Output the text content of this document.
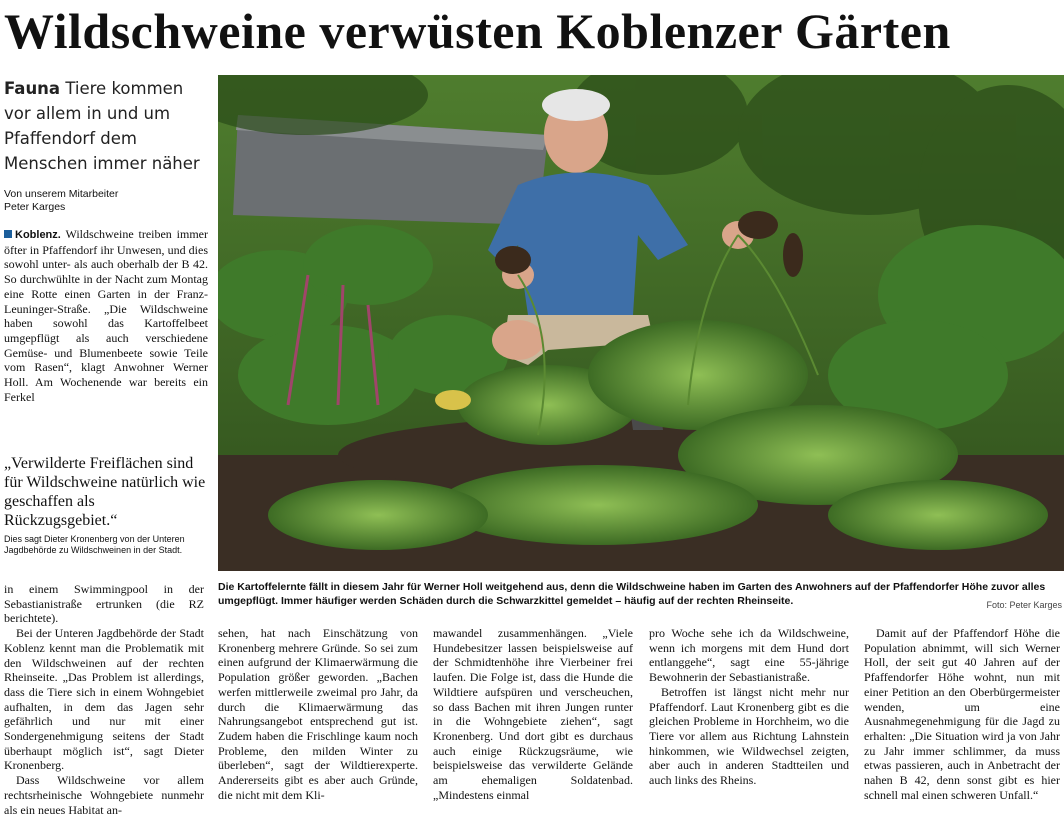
Wildschweine verwüsten Koblenzer Gärten
Fauna Tiere kommen vor allem in und um Pfaffendorf dem Menschen immer näher
Von unserem Mitarbeiter
Peter Karges
Koblenz. Wildschweine treiben immer öfter in Pfaffendorf ihr Unwesen, und dies sowohl unter- als auch oberhalb der B 42. So durchwühlte in der Nacht zum Montag eine Rotte einen Garten in der Franz-Leuninger-Straße. „Die Wildschweine haben sowohl das Kartoffelbeet umgepflügt als auch verschiedene Gemüse- und Blumenbeete sowie Teile vom Rasen“, klagt Anwohner Werner Holl. Am Wochenende war bereits ein Ferkel
„Verwilderte Freiflächen sind für Wildschweine natürlich wie geschaffen als Rückzugsgebiet.“
Dies sagt Dieter Kronenberg von der Unteren Jagdbehörde zu Wildschweinen in der Stadt.
Die Kartoffelernte fällt in diesem Jahr für Werner Holl weitgehend aus, denn die Wildschweine haben im Garten des Anwohners auf der Pfaffendorfer Höhe zuvor alles umgepflügt. Immer häufiger werden Schäden durch die Schwarzkittel gemeldet – häufig auf der rechten Rheinseite.	Foto: Peter Karges

in einem Swimmingpool in der Sebastianistraße ertrunken (die RZ berichtete).

Bei der Unteren Jagdbehörde der Stadt Koblenz kennt man die Problematik mit den Wildschweinen auf der rechten Rheinseite. „Das Problem ist allerdings, dass die Tiere sich in einem Wohngebiet aufhalten, in dem das Jagen sehr gefährlich und nur mit einer Sondergenehmigung seitens der Stadt überhaupt möglich ist“, sagt Dieter Kronenberg.

Dass Wildschweine vor allem rechtsrheinische Wohngebiete nunmehr als ein neues Habitat an-

sehen, hat nach Einschätzung von Kronenberg mehrere Gründe. So sei zum einen aufgrund der Klimaerwärmung die Population größer geworden. „Bachen werfen mittlerweile zweimal pro Jahr, da durch die Klimaerwärmung das Nahrungsangebot entsprechend gut ist. Zudem haben die Frischlinge kaum noch Probleme, den milden Winter zu überleben“, sagt der Wildtierexperte. Andererseits gibt es aber auch Gründe, die nicht mit dem Kli-

mawandel zusammenhängen. „Viele Hundebesitzer lassen beispielsweise auf der Schmidtenhöhe ihre Vierbeiner frei laufen. Die Folge ist, dass die Hunde die Wildtiere aufspüren und verscheuchen, so dass Bachen mit ihren Jungen runter in die Wohngebiete ziehen“, sagt Kronenberg. Und dort gibt es durchaus auch einige Rückzugsräume, wie beispielsweise das verwilderte Gelände am ehemaligen Soldatenbad. „Mindestens einmal

pro Woche sehe ich da Wildschweine, wenn ich morgens mit dem Hund dort entlanggehe“, sagt eine 55-jährige Bewohnerin der Sebastianistraße.

Betroffen ist längst nicht mehr nur Pfaffendorf. Laut Kronenberg gibt es die gleichen Probleme in Horchheim, wo die Tiere vor allem aus Richtung Lahnstein hinkommen, wie Wildwechsel zeigten, aber auch in anderen Stadtteilen und auch links des Rheins.

Damit auf der Pfaffendorf Höhe die Population abnimmt, will sich Werner Holl, der seit gut 40 Jahren auf der Pfaffendorfer Höhe wohnt, nun mit einer Petition an den Oberbürgermeister wenden, um eine Ausnahmegenehmigung für die Jagd zu erhalten: „Die Situation wird ja von Jahr zu Jahr immer schlimmer, da muss etwas passieren, auch in Anbetracht der nahen B 42, denn sonst gibt es hier schnell mal einen schweren Unfall.“
